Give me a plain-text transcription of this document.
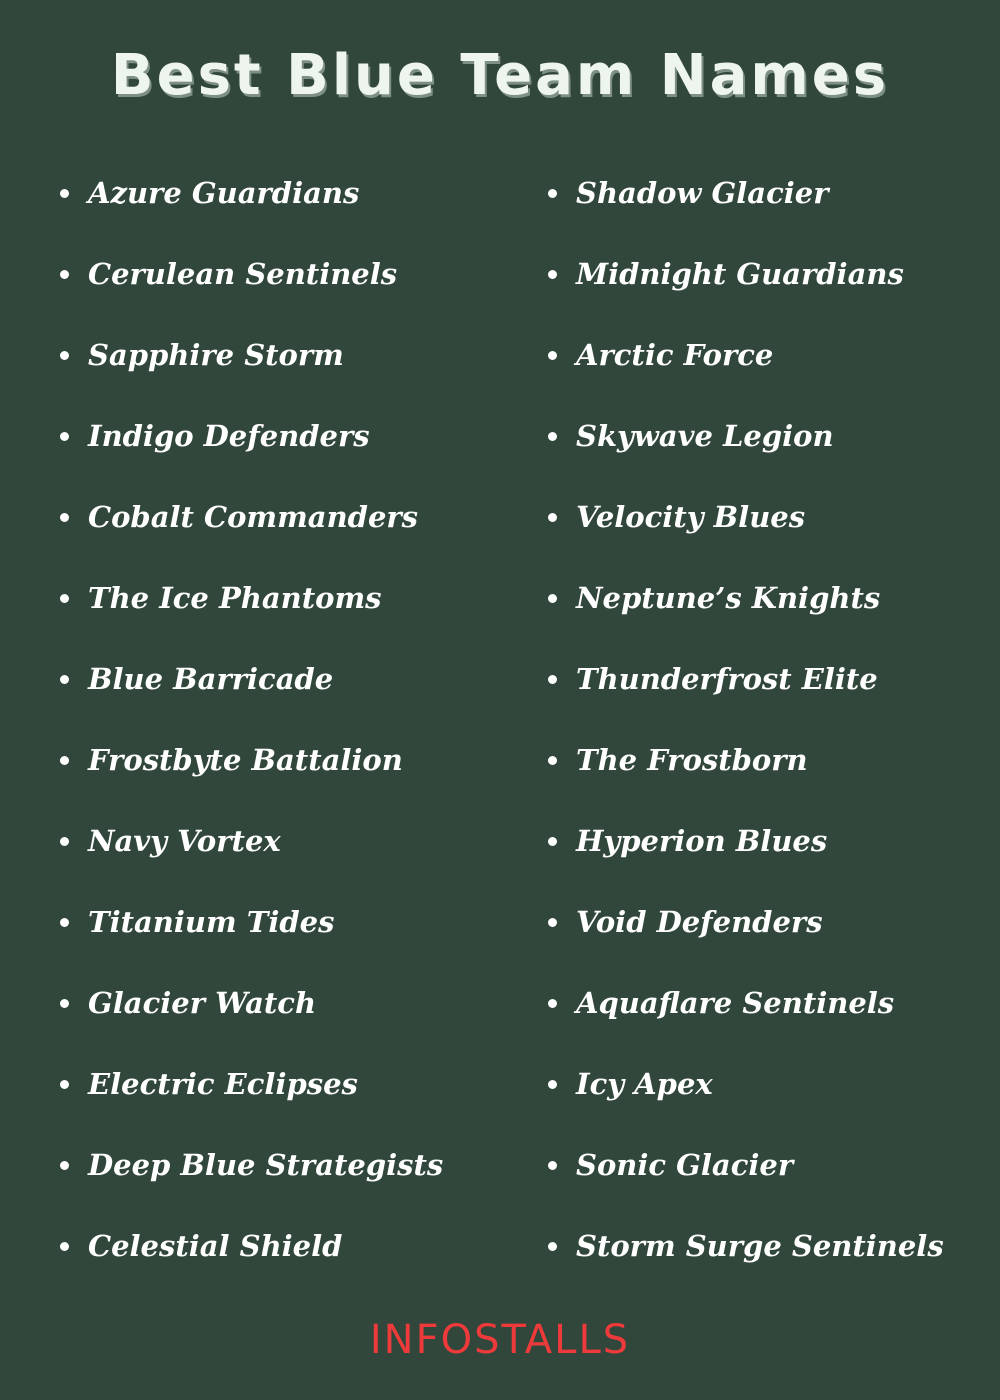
Best Blue Team Names
Azure Guardians
Cerulean Sentinels
Sapphire Storm
Indigo Defenders
Cobalt Commanders
The Ice Phantoms
Blue Barricade
Frostbyte Battalion
Navy Vortex
Titanium Tides
Glacier Watch
Electric Eclipses
Deep Blue Strategists
Celestial Shield
Shadow Glacier
Midnight Guardians
Arctic Force
Skywave Legion
Velocity Blues
Neptune’s Knights
Thunderfrost Elite
The Frostborn
Hyperion Blues
Void Defenders
Aquaflare Sentinels
Icy Apex
Sonic Glacier
Storm Surge Sentinels
INFOSTALLS
